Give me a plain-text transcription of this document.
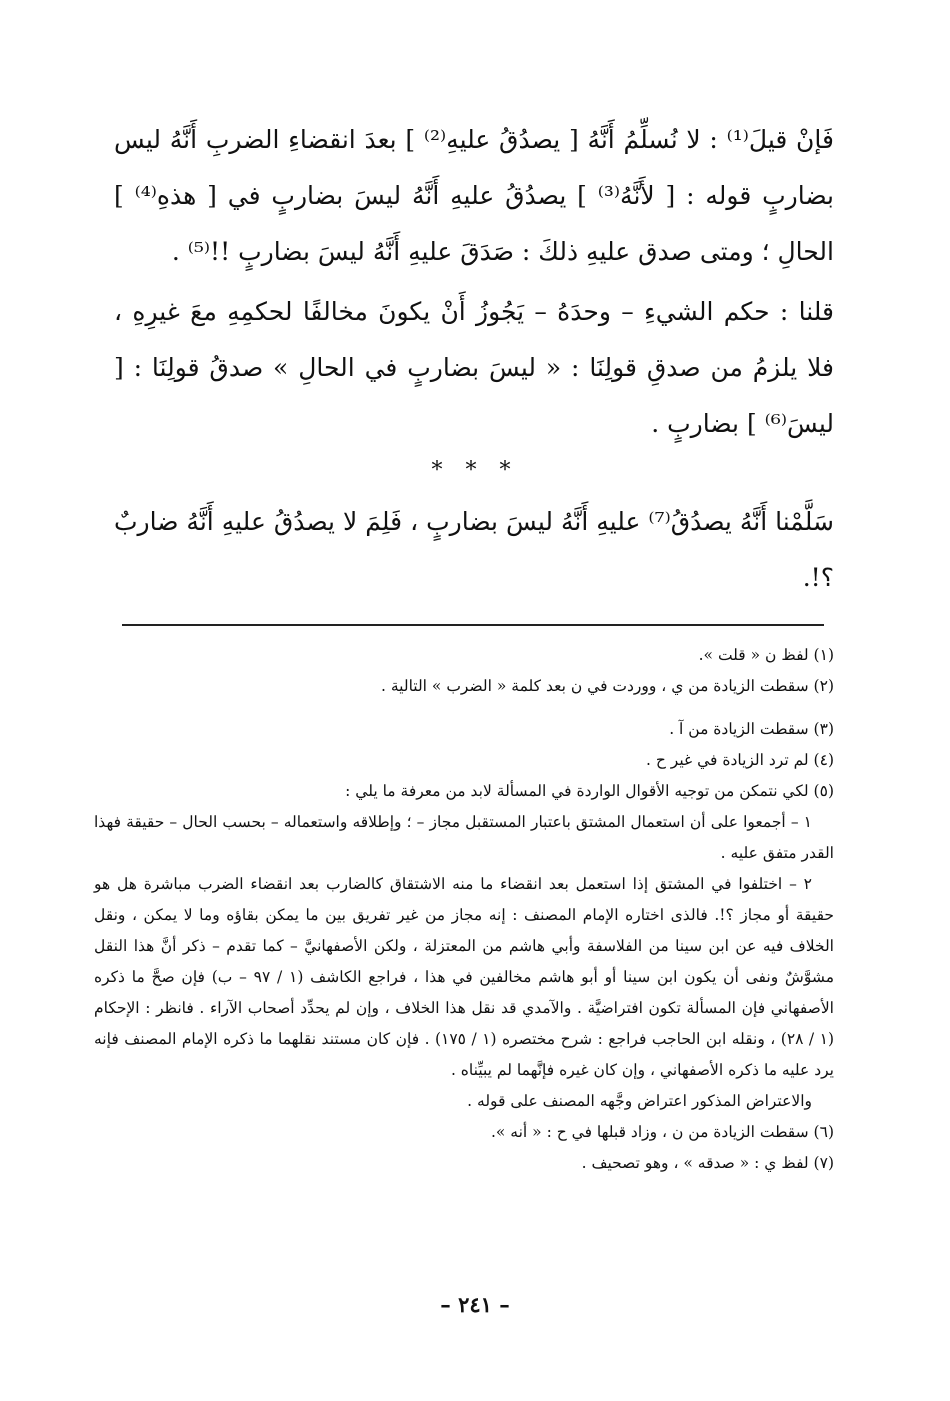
فَإنْ قيلَ⁽¹⁾ : لا نُسلِّمُ أَنَّهُ [ يصدُقُ عليهِ⁽²⁾ ] بعدَ انقضاءِ الضربِ أَنَّهُ ليس بضاربٍ قوله : [ لأَنَّهُ⁽³⁾ ] يصدُقُ عليهِ أَنَّهُ ليسَ بضاربٍ في [ هذهِ⁽⁴⁾ ] الحالِ ؛ ومتى صدق عليهِ ذلكَ : صَدَقَ عليهِ أَنَّهُ ليسَ بضاربٍ !!⁽⁵⁾ .

قلنا : حكم الشيءِ – وحدَهُ – يَجُوزُ أَنْ يكونَ مخالفًا لحكمِهِ معَ غيرِهِ ، فلا يلزمُ من صدقِ قولِنَا : « ليسَ بضاربٍ في الحالِ » صدقُ قولِنَا : [ ليسَ⁽⁶⁾ ] بضاربٍ .

* * *

سَلَّمْنا أَنَّهُ يصدُقُ⁽⁷⁾ عليهِ أَنَّهُ ليسَ بضاربٍ ، فَلِمَ لا يصدُقُ عليهِ أَنَّهُ ضاربٌ ؟!.

(١) لفظ ن « قلت ».

(٢) سقطت الزيادة من ي ، ووردت في ن بعد كلمة « الضرب » التالية .

(٣) سقطت الزيادة من آ .

(٤) لم ترد الزيادة في غير ح .

(٥) لكي نتمكن من توجيه الأقوال الواردة في المسألة لابد من معرفة ما يلي :

١ – أجمعوا على أن استعمال المشتق باعتبار المستقبل مجاز – ؛ وإطلاقه واستعماله – بحسب الحال – حقيقة فهذا القدر متفق عليه .

٢ – اختلفوا في المشتق إذا استعمل بعد انقضاء ما منه الاشتقاق كالضارب بعد انقضاء الضرب مباشرة هل هو حقيقة أو مجاز ؟!. فالذى اختاره الإمام المصنف : إنه مجاز من غير تفريق بين ما يمكن بقاؤه وما لا يمكن ، ونقل الخلاف فيه عن ابن سينا من الفلاسفة وأبي هاشم من المعتزلة ، ولكن الأصفهانيَّ – كما تقدم – ذكر أنَّ هذا النقل مشوَّشٌ ونفى أن يكون ابن سينا أو أبو هاشم مخالفين في هذا ، فراجع الكاشف (١ / ٩٧ – ب) فإن صحَّ ما ذكره الأصفهاني فإن المسألة تكون افتراضيَّة . والآمدي قد نقل هذا الخلاف ، وإن لم يحدِّد أصحاب الآراء . فانظر : الإحكام (١ / ٢٨) ، ونقله ابن الحاجب فراجع : شرح مختصره (١ / ١٧٥) . فإن كان مستند نقلهما ما ذكره الإمام المصنف فإنه يرد عليه ما ذكره الأصفهاني ، وإن كان غيره فإنَّهما لم يبيِّناه .

والاعتراض المذكور اعتراض وجَّهه المصنف على قوله .

(٦) سقطت الزيادة من ن ، وزاد قبلها في ح : « أنه ».

(٧) لفظ ي : « صدقه » ، وهو تصحيف .

– ٢٤١ –
